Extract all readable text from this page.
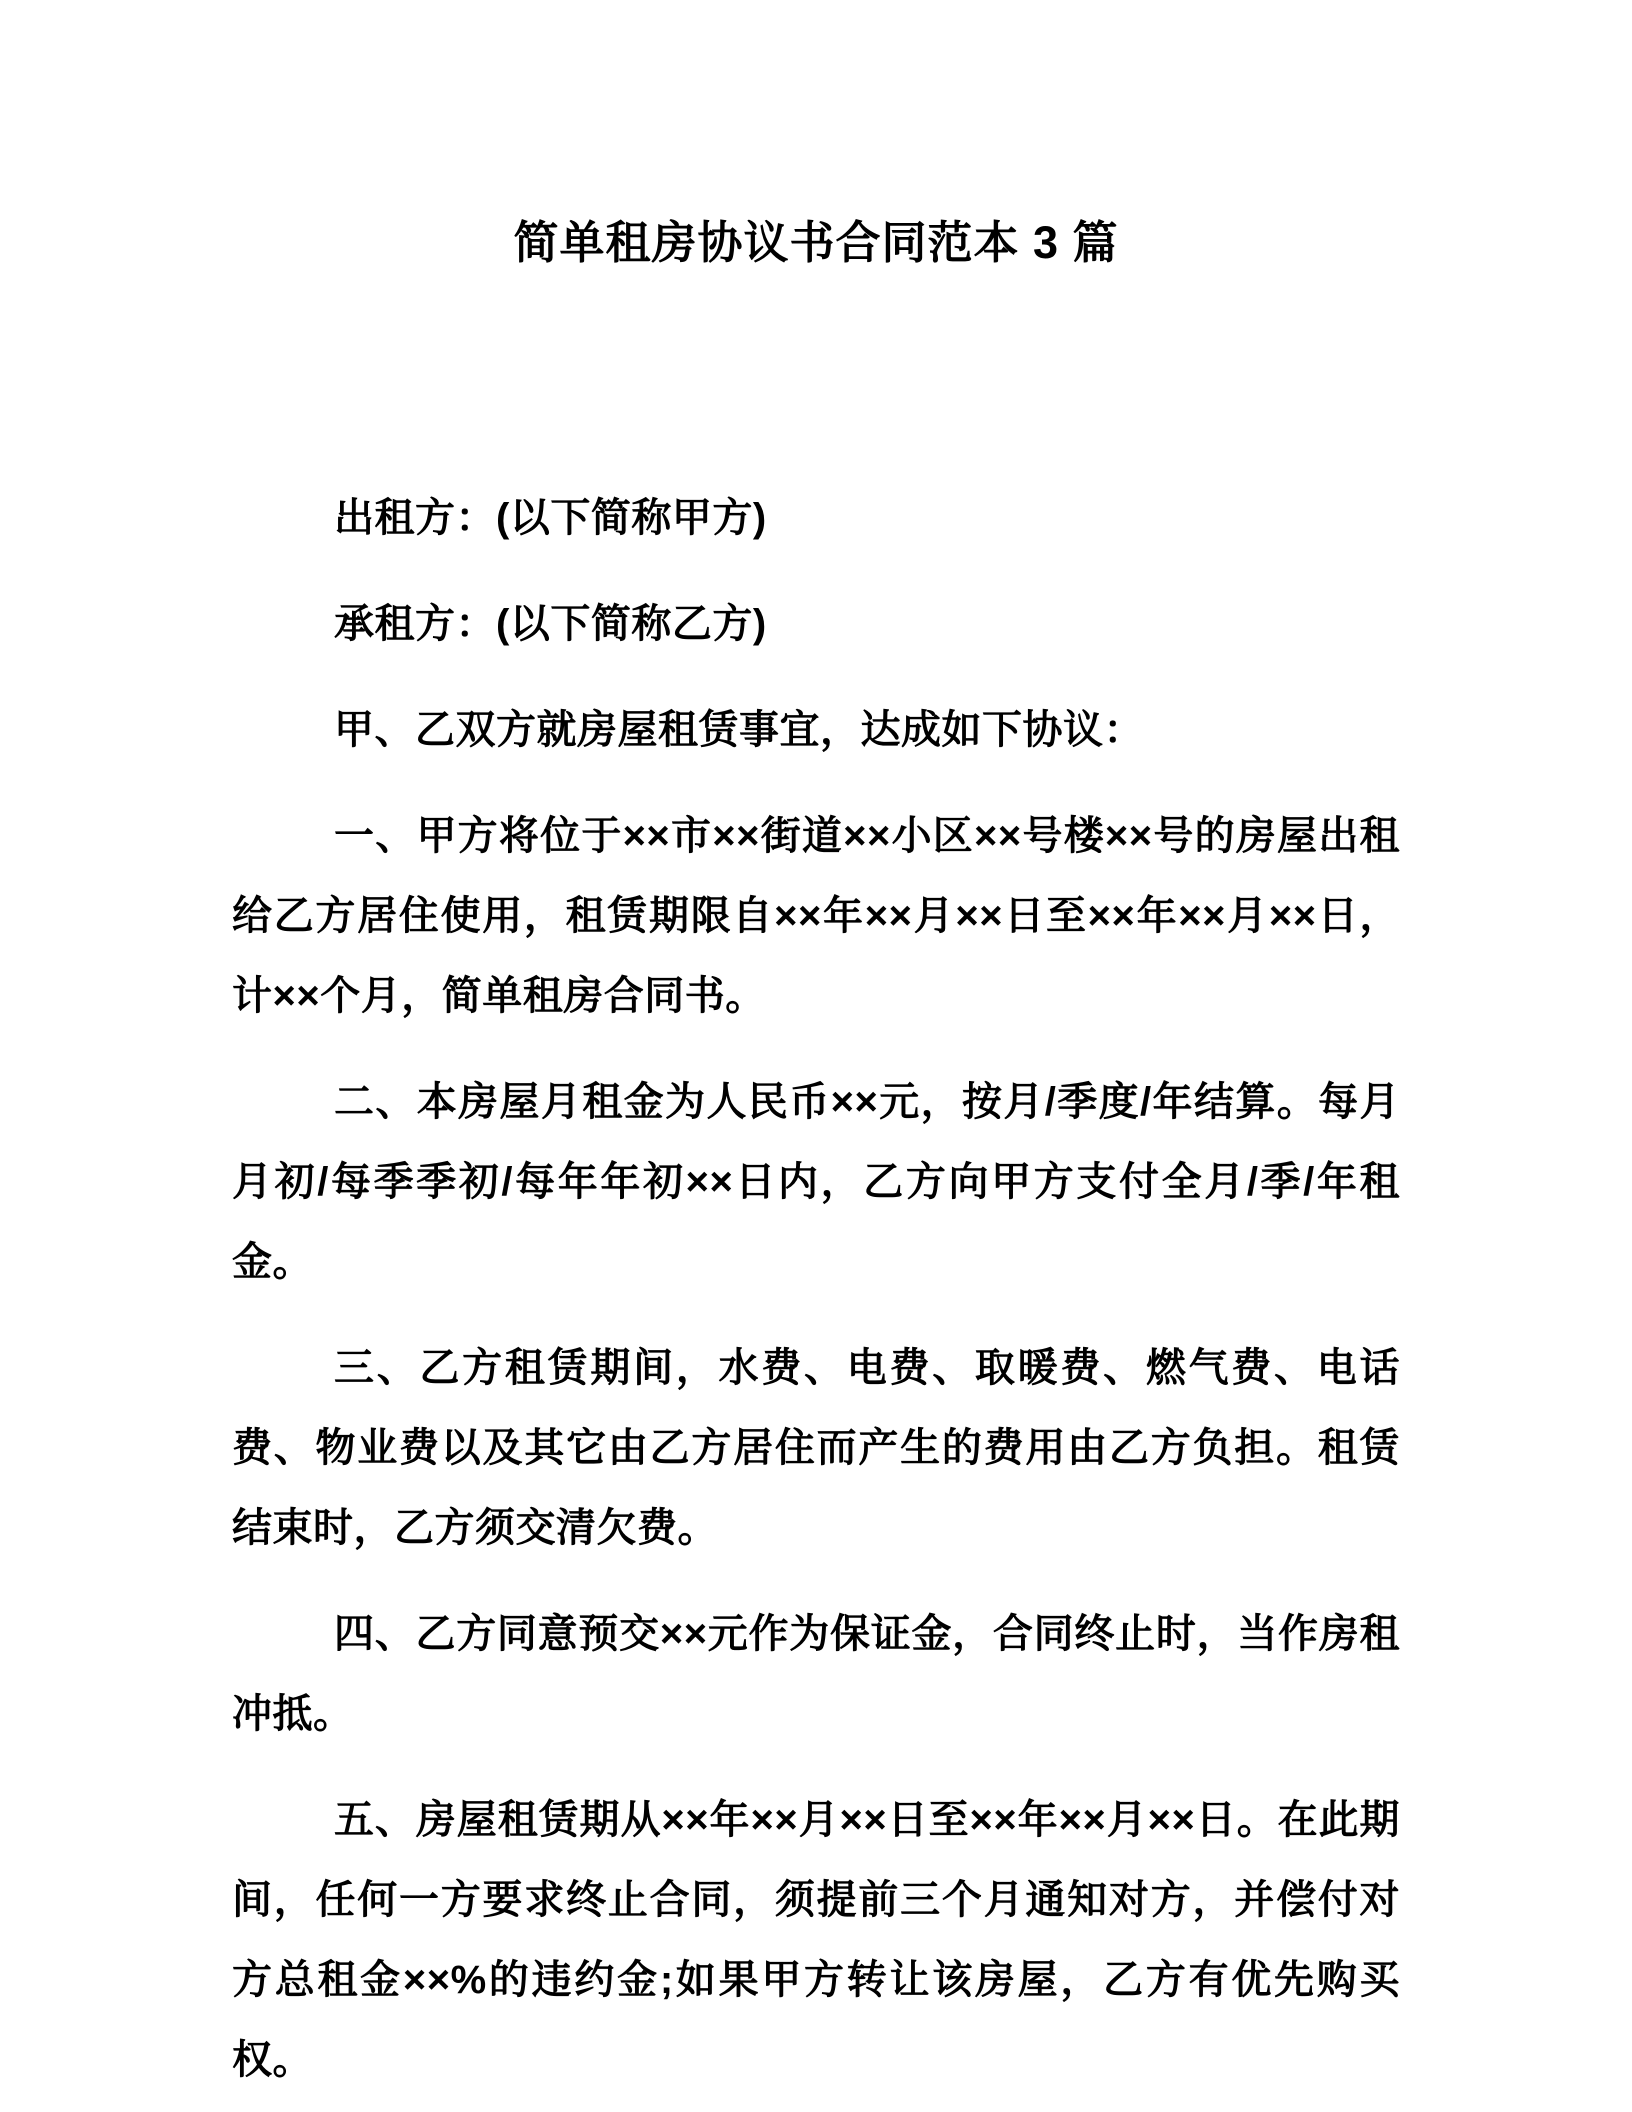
简单租房协议书合同范本 3 篇

出租方：(以下简称甲方)

承租方：(以下简称乙方)

甲、乙双方就房屋租赁事宜，达成如下协议：

一、甲方将位于××市××街道××小区××号楼××号的房屋出租给乙方居住使用，租赁期限自××年××月××日至××年××月××日，计××个月，简单租房合同书。

二、本房屋月租金为人民币××元，按月/季度/年结算。每月月初/每季季初/每年年初××日内，乙方向甲方支付全月/季/年租金。

三、乙方租赁期间，水费、电费、取暖费、燃气费、电话费、物业费以及其它由乙方居住而产生的费用由乙方负担。租赁结束时，乙方须交清欠费。

四、乙方同意预交××元作为保证金，合同终止时，当作房租冲抵。

五、房屋租赁期从××年××月××日至××年××月××日。在此期间，任何一方要求终止合同，须提前三个月通知对方，并偿付对方总租金××%的违约金;如果甲方转让该房屋，乙方有优先购买权。
